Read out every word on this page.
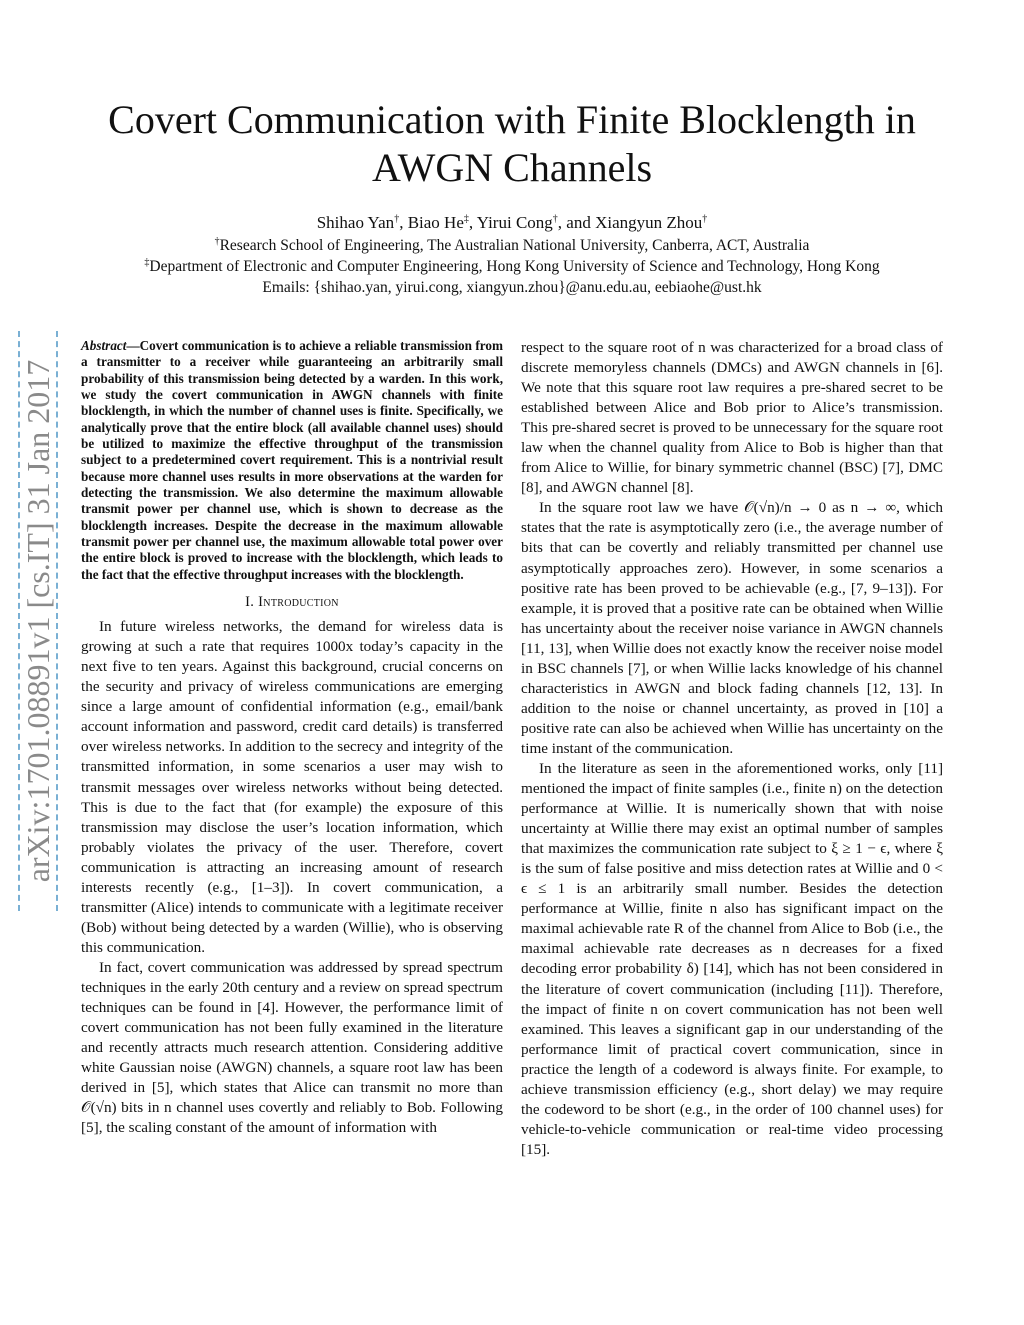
Covert Communication with Finite Blocklength in AWGN Channels
Shihao Yan†, Biao He‡, Yirui Cong†, and Xiangyun Zhou†
†Research School of Engineering, The Australian National University, Canberra, ACT, Australia
‡Department of Electronic and Computer Engineering, Hong Kong University of Science and Technology, Hong Kong
Emails: {shihao.yan, yirui.cong, xiangyun.zhou}@anu.edu.au, eebiaohe@ust.hk
arXiv:1701.08891v1 [cs.IT] 31 Jan 2017

Abstract—Covert communication is to achieve a reliable transmission from a transmitter to a receiver while guaranteeing an arbitrarily small probability of this transmission being detected by a warden. In this work, we study the covert communication in AWGN channels with finite blocklength, in which the number of channel uses is finite. Specifically, we analytically prove that the entire block (all available channel uses) should be utilized to maximize the effective throughput of the transmission subject to a predetermined covert requirement. This is a nontrivial result because more channel uses results in more observations at the warden for detecting the transmission. We also determine the maximum allowable transmit power per channel use, which is shown to decrease as the blocklength increases. Despite the decrease in the maximum allowable transmit power per channel use, the maximum allowable total power over the entire block is proved to increase with the blocklength, which leads to the fact that the effective throughput increases with the blocklength.

I. Introduction

In future wireless networks, the demand for wireless data is growing at such a rate that requires 1000x today’s capacity in the next five to ten years. Against this background, crucial concerns on the security and privacy of wireless communications are emerging since a large amount of confidential information (e.g., email/bank account information and password, credit card details) is transferred over wireless networks. In addition to the secrecy and integrity of the transmitted information, in some scenarios a user may wish to transmit messages over wireless networks without being detected. This is due to the fact that (for example) the exposure of this transmission may disclose the user’s location information, which probably violates the privacy of the user. Therefore, covert communication is attracting an increasing amount of research interests recently (e.g., [1–3]). In covert communication, a transmitter (Alice) intends to communicate with a legitimate receiver (Bob) without being detected by a warden (Willie), who is observing this communication.

In fact, covert communication was addressed by spread spectrum techniques in the early 20th century and a review on spread spectrum techniques can be found in [4]. However, the performance limit of covert communication has not been fully examined in the literature and recently attracts much research attention. Considering additive white Gaussian noise (AWGN) channels, a square root law has been derived in [5], which states that Alice can transmit no more than 𝒪(√n) bits in n channel uses covertly and reliably to Bob. Following [5], the scaling constant of the amount of information with

respect to the square root of n was characterized for a broad class of discrete memoryless channels (DMCs) and AWGN channels in [6]. We note that this square root law requires a pre-shared secret to be established between Alice and Bob prior to Alice’s transmission. This pre-shared secret is proved to be unnecessary for the square root law when the channel quality from Alice to Bob is higher than that from Alice to Willie, for binary symmetric channel (BSC) [7], DMC [8], and AWGN channel [8].

In the square root law we have 𝒪(√n)/n → 0 as n → ∞, which states that the rate is asymptotically zero (i.e., the average number of bits that can be covertly and reliably transmitted per channel use asymptotically approaches zero). However, in some scenarios a positive rate has been proved to be achievable (e.g., [7, 9–13]). For example, it is proved that a positive rate can be obtained when Willie has uncertainty about the receiver noise variance in AWGN channels [11, 13], when Willie does not exactly know the receiver noise model in BSC channels [7], or when Willie lacks knowledge of his channel characteristics in AWGN and block fading channels [12, 13]. In addition to the noise or channel uncertainty, as proved in [10] a positive rate can also be achieved when Willie has uncertainty on the time instant of the communication.

In the literature as seen in the aforementioned works, only [11] mentioned the impact of finite samples (i.e., finite n) on the detection performance at Willie. It is numerically shown that with noise uncertainty at Willie there may exist an optimal number of samples that maximizes the communication rate subject to ξ ≥ 1 − ϵ, where ξ is the sum of false positive and miss detection rates at Willie and 0 < ϵ ≤ 1 is an arbitrarily small number. Besides the detection performance at Willie, finite n also has significant impact on the maximal achievable rate R of the channel from Alice to Bob (i.e., the maximal achievable rate decreases as n decreases for a fixed decoding error probability δ) [14], which has not been considered in the literature of covert communication (including [11]). Therefore, the impact of finite n on covert communication has not been well examined. This leaves a significant gap in our understanding of the performance limit of practical covert communication, since in practice the length of a codeword is always finite. For example, to achieve transmission efficiency (e.g., short delay) we may require the codeword to be short (e.g., in the order of 100 channel uses) for vehicle-to-vehicle communication or real-time video processing [15].
